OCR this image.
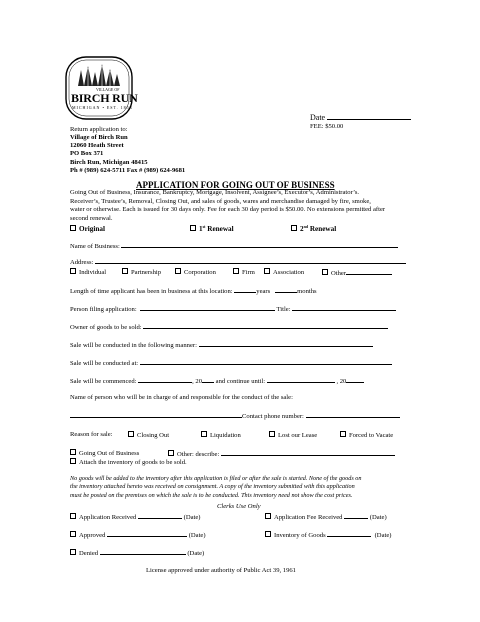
VILLAGE OF
BIRCH RUN
MICHIGAN • EST. 1853
Date
FEE: $50.00
Return application to:
Village of Birch Run
12060 Heath Street
PO Box 371
Birch Run, Michigan 48415
Ph # (989) 624-5711 Fax # (989) 624-9681
APPLICATION FOR GOING OUT OF BUSINESS
Going Out of Business, Insurance, Bankruptcy, Mortgage, Insolvent, Assignee’s, Executor’s, Administrator’s.
Receiver’s, Trustee’s, Removal, Closing Out, and sales of goods, wares and merchandise damaged by fire, smoke,
water or otherwise. Each is issued for 30 days only. Fee for each 30 day period is $50.00. No extensions permitted after
second renewal.
Original	1st Renewal	2nd Renewal
Name of Business:
Address:
Individual	Partnership	Corporation	Firm	Association	Other
Length of time applicant has been in business at this location:	years	months
Person filing application:	Title:
Owner of goods to be sold:
Sale will be conducted in the following manner:
Sale will be conducted at:
Sale will be commenced:	, 20 and continue until:	, 20
Name of person who will be in charge of and responsible for the conduct of the sale:
Contact phone number:
Reason for sale:	Closing Out	Liquidation	Lost our Lease	Forced to Vacate
Going Out of Business	Other: describe:
Attach the inventory of goods to be sold.
No goods will be added to the inventory after this application is filed or after the sale is started. None of the goods on
the inventory attached hereto was received on consignment. A copy of the inventory submitted with this application
must be posted on the premises on which the sale is to be conducted. This inventory need not show the cost prices.
Clerks Use Only
Application Received	(Date)	Application Fee Received	(Date)
Approved	(Date)	Inventory of Goods	(Date)
Denied	(Date)
License approved under authority of Public Act 39, 1961
